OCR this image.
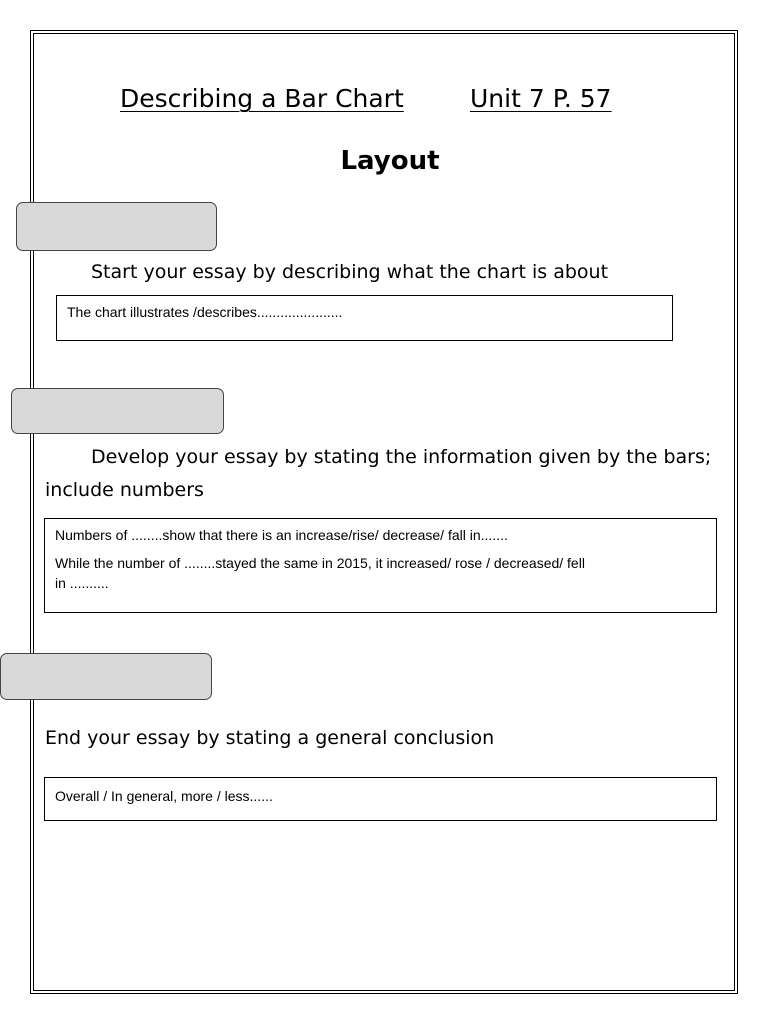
Describing a Bar Chart	Unit 7 P. 57
Layout
Start your essay by describing what the chart is about

The chart illustrates /describes......................

Develop your essay by stating the information given by the bars;
include numbers

Numbers of ........show that there is an increase/rise/ decrease/ fall in.......

While the number of ........stayed the same in 2015, it increased/ rose / decreased/ fell

in ..........

End your essay by stating a general conclusion

Overall / In general, more / less......
